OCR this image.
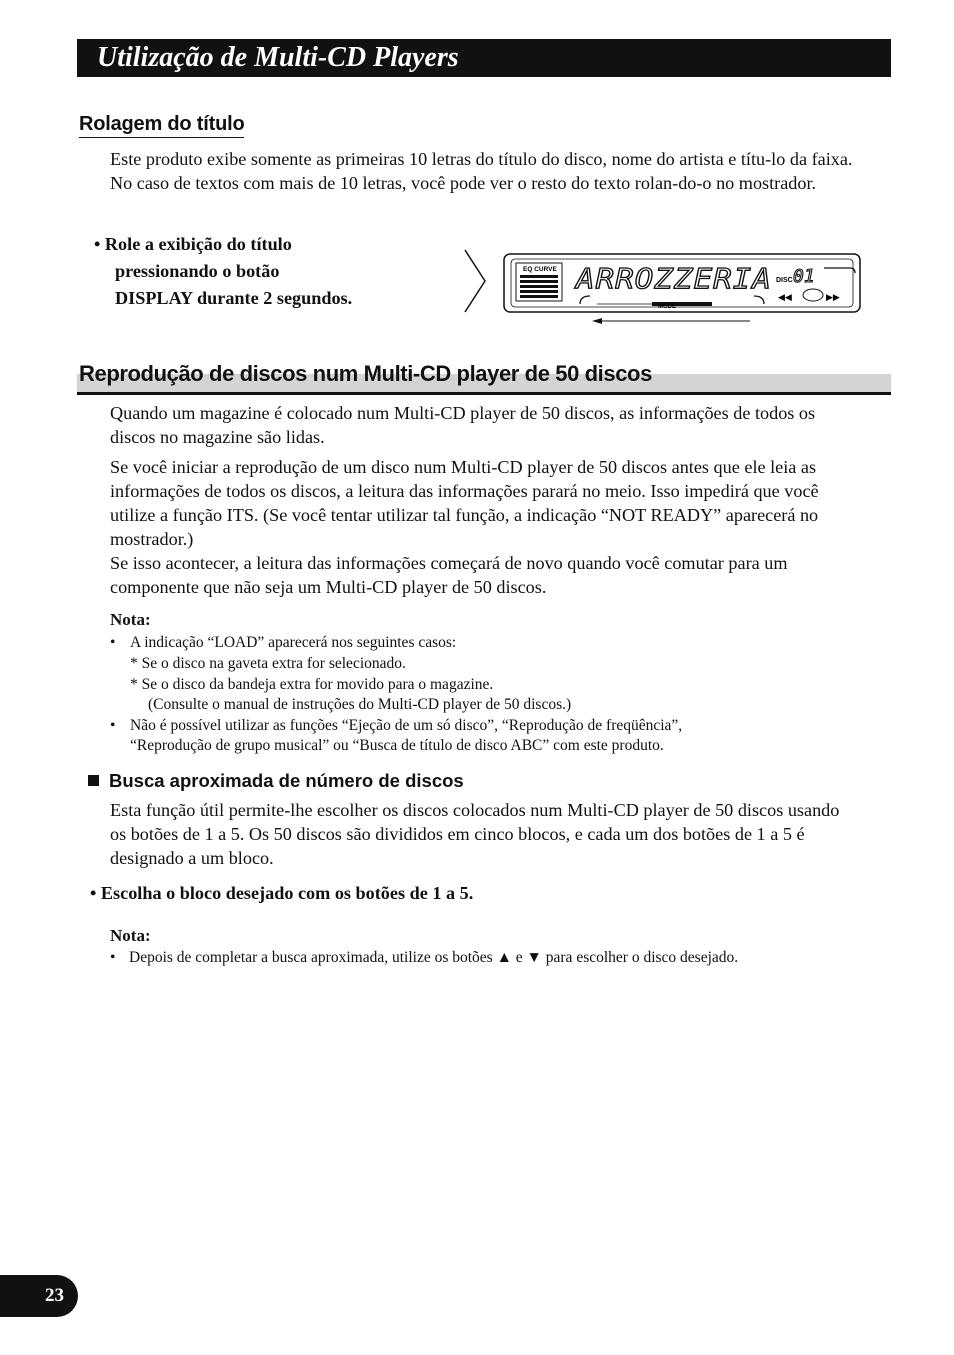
Utilização de Multi-CD Players
Rolagem do título

Este produto exibe somente as primeiras 10 letras do título do disco, nome do artista e títu-lo da faixa. No caso de textos com mais de 10 letras, você pode ver o resto do texto rolan-do-o no mostrador.

• Role a exibição do título
pressionando o botão
DISPLAY durante 2 segundos.
EQ CURVE ARROZZERIA DISC 01
MODE
◀◀	▶▶
Reprodução de discos num Multi-CD player de 50 discos

Quando um magazine é colocado num Multi-CD player de 50 discos, as informações de todos os discos no magazine são lidas.

Se você iniciar a reprodução de um disco num Multi-CD player de 50 discos antes que ele leia as informações de todos os discos, a leitura das informações parará no meio. Isso impedirá que você utilize a função ITS. (Se você tentar utilizar tal função, a indicação “NOT READY” aparecerá no mostrador.)

Se isso acontecer, a leitura das informações começará de novo quando você comutar para um componente que não seja um Multi-CD player de 50 discos.

Nota:
• A indicação “LOAD” aparecerá nos seguintes casos:
* Se o disco na gaveta extra for selecionado.
* Se o disco da bandeja extra for movido para o magazine.
(Consulte o manual de instruções do Multi-CD player de 50 discos.)
• Não é possível utilizar as funções “Ejeção de um só disco”, “Reprodução de freqüência”,
“Reprodução de grupo musical” ou “Busca de título de disco ABC” com este produto.
Busca aproximada de número de discos

Esta função útil permite-lhe escolher os discos colocados num Multi-CD player de 50 discos usando os botões de 1 a 5. Os 50 discos são divididos em cinco blocos, e cada um dos botões de 1 a 5 é designado a um bloco.

• Escolha o bloco desejado com os botões de 1 a 5.
Nota:
• Depois de completar a busca aproximada, utilize os botões ▲ e ▼ para escolher o disco desejado.
23
